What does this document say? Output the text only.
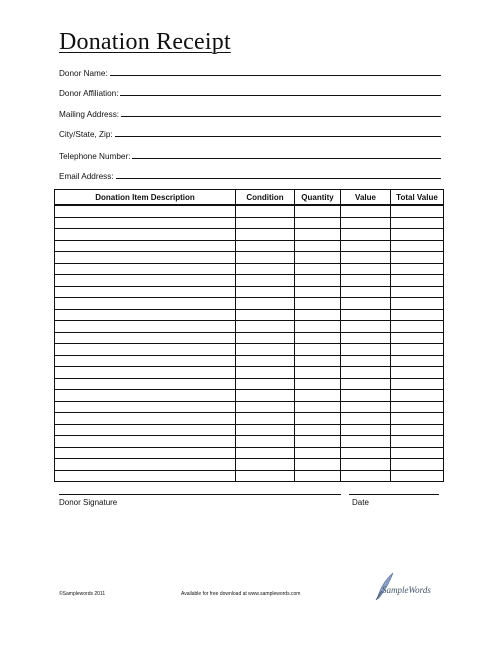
Donation Receipt
Donor Name:
Donor Affiliation:
Mailing Address:
City/State, Zip:
Telephone Number:
Email Address:
Donation Item Description	Condition	Quantity	Value	Total Value

Donor Signature	Date
©Samplewords 2011	Available for free download at www.samplewords.com	SampleWords
